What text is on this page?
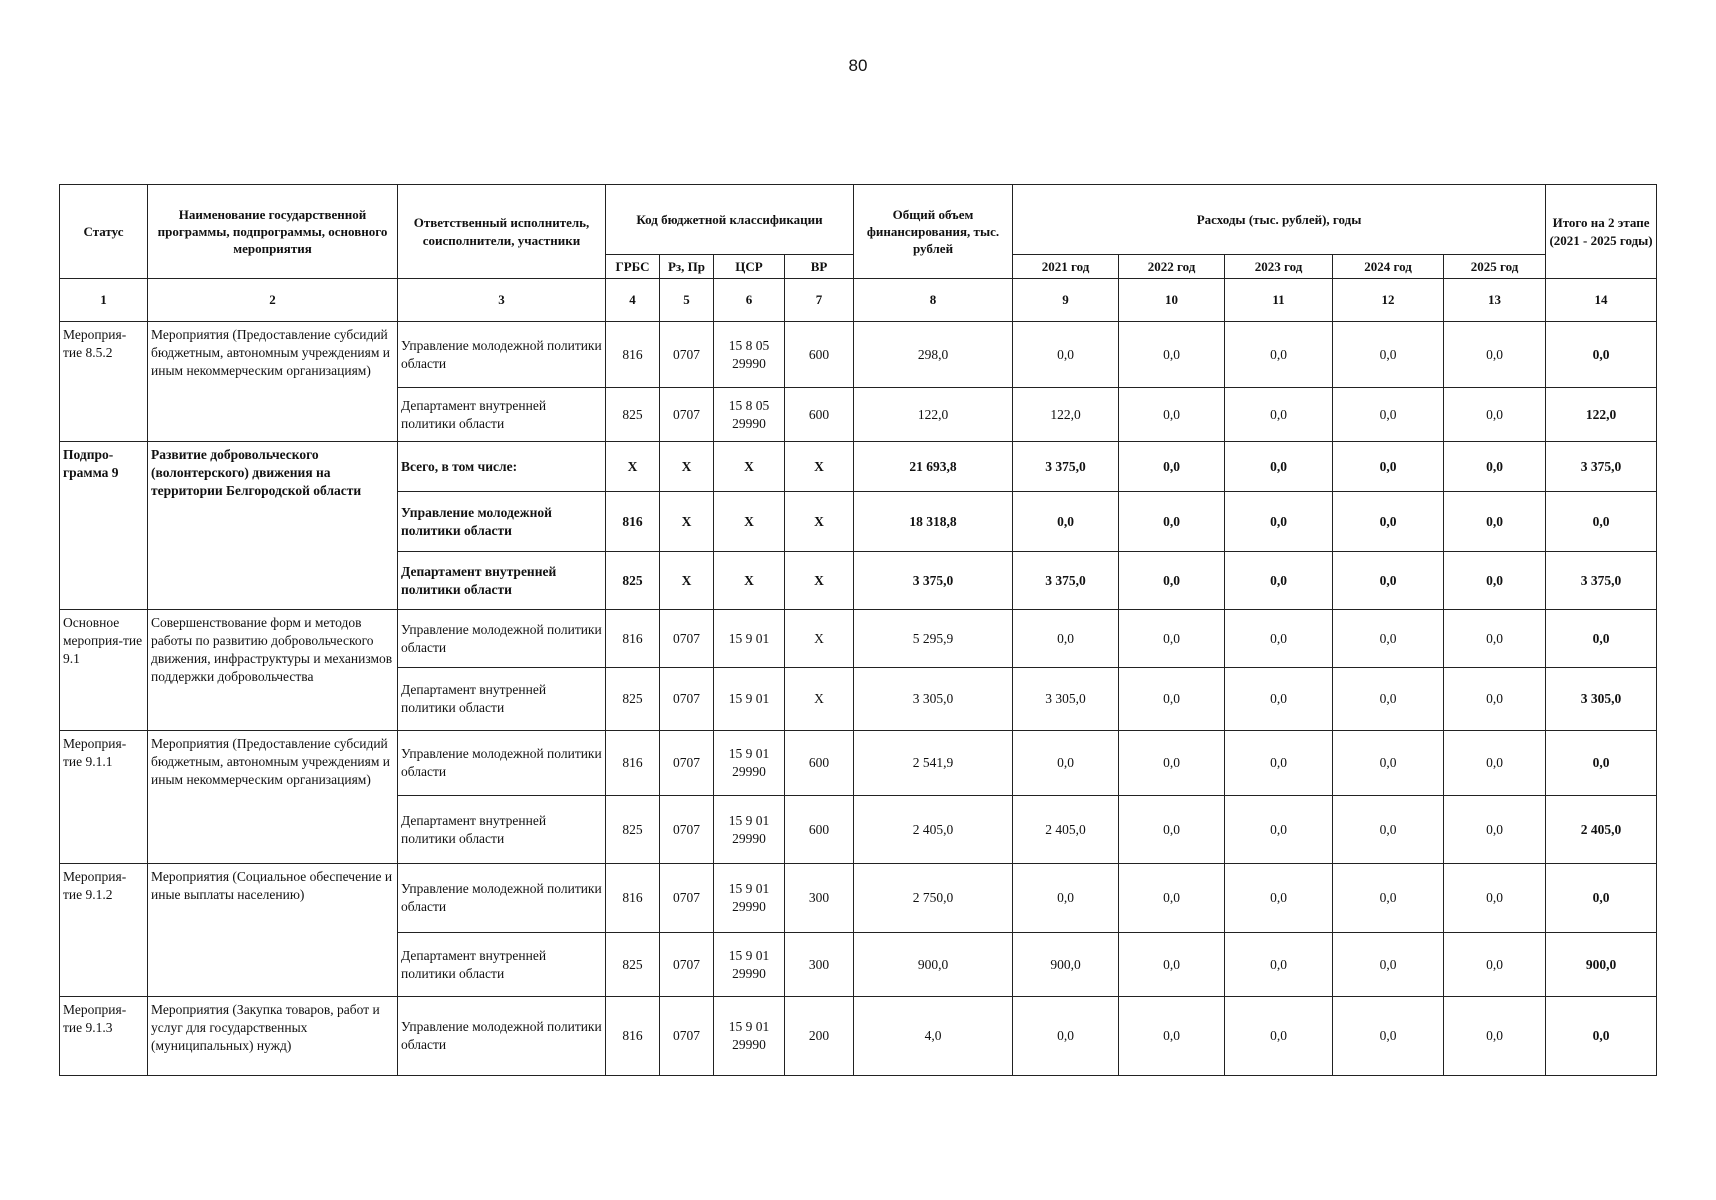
80
Статус	Наименование государственной программы, подпрограммы, основного мероприятия	Ответственный исполнитель, соисполнители, участники	Код бюджетной классификации				Общий объем финансирования, тыс. рублей	Расходы (тыс. рублей), годы					Итого на 2 этапе (2021 - 2025 годы)
			ГРБС	Рз, Пр	ЦСР	ВР		2021 год	2022 год	2023 год	2024 год	2025 год	
1	2	3	4	5	6	7	8	9	10	11	12	13	14
Мероприя-тие 8.5.2	Мероприятия (Предоставление субсидий бюджетным, автономным учреждениям и иным некоммерческим организациям)	Управление молодежной политики области	816	0707	15 8 05 29990	600	298,0	0,0	0,0	0,0	0,0	0,0	0,0
		Департамент внутренней политики области	825	0707	15 8 05 29990	600	122,0	122,0	0,0	0,0	0,0	0,0	122,0
Подпро-грамма 9	Развитие добровольческого (волонтерского) движения на территории Белгородской области	Всего, в том числе:	Х	Х	Х	Х	21 693,8	3 375,0	0,0	0,0	0,0	0,0	3 375,0
		Управление молодежной политики области	816	Х	Х	Х	18 318,8	0,0	0,0	0,0	0,0	0,0	0,0
		Департамент внутренней политики области	825	Х	Х	Х	3 375,0	3 375,0	0,0	0,0	0,0	0,0	3 375,0
Основное мероприя-тие 9.1	Совершенствование форм и методов работы по развитию добровольческого движения, инфраструктуры и механизмов поддержки добровольчества	Управление молодежной политики области	816	0707	15 9 01	Х	5 295,9	0,0	0,0	0,0	0,0	0,0	0,0
		Департамент внутренней политики области	825	0707	15 9 01	Х	3 305,0	3 305,0	0,0	0,0	0,0	0,0	3 305,0
Мероприя-тие 9.1.1	Мероприятия (Предоставление субсидий бюджетным, автономным учреждениям и иным некоммерческим организациям)	Управление молодежной политики области	816	0707	15 9 01 29990	600	2 541,9	0,0	0,0	0,0	0,0	0,0	0,0
		Департамент внутренней политики области	825	0707	15 9 01 29990	600	2 405,0	2 405,0	0,0	0,0	0,0	0,0	2 405,0
Мероприя-тие 9.1.2	Мероприятия (Социальное обеспечение и иные выплаты населению)	Управление молодежной политики области	816	0707	15 9 01 29990	300	2 750,0	0,0	0,0	0,0	0,0	0,0	0,0
		Департамент внутренней политики области	825	0707	15 9 01 29990	300	900,0	900,0	0,0	0,0	0,0	0,0	900,0
Мероприя-тие 9.1.3	Мероприятия (Закупка товаров, работ и услуг для государственных (муниципальных) нужд)	Управление молодежной политики области	816	0707	15 9 01 29990	200	4,0	0,0	0,0	0,0	0,0	0,0	0,0
